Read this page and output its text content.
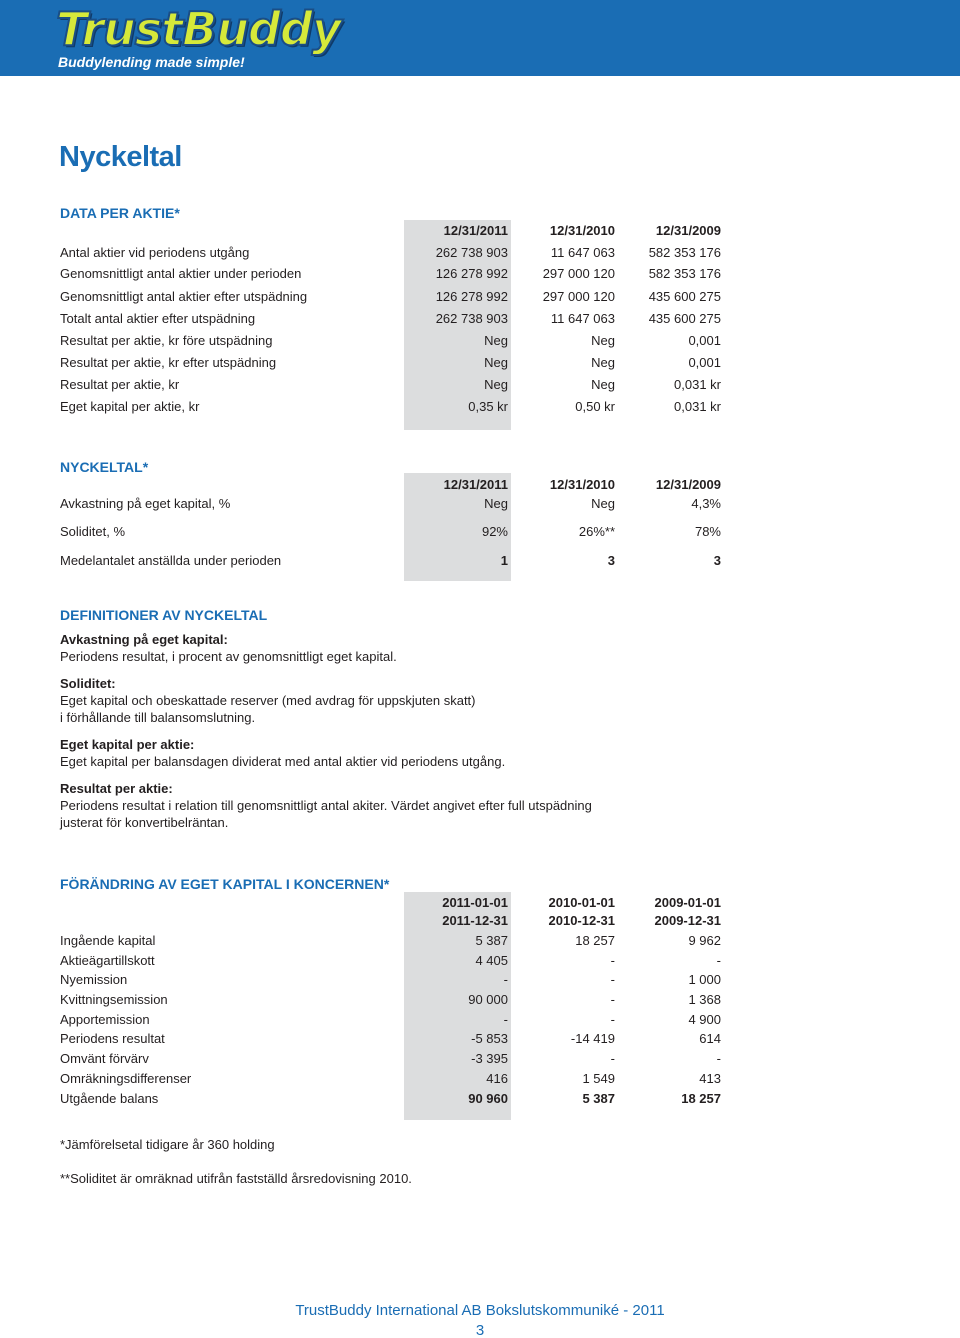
TrustBuddy
Buddylending made simple!
Nyckeltal
DATA PER AKTIE*
12/31/2011	12/31/2010	12/31/2009
Antal aktier vid periodens utgång	262 738 903	11 647 063	582 353 176
Genomsnittligt antal aktier under perioden	126 278 992	297 000 120	582 353 176
Genomsnittligt antal aktier efter utspädning	126 278 992	297 000 120	435 600 275
Totalt antal aktier efter utspädning	262 738 903	11 647 063	435 600 275
Resultat per aktie, kr före utspädning	Neg	Neg	0,001
Resultat per aktie, kr efter utspädning	Neg	Neg	0,001
Resultat per aktie, kr	Neg	Neg	0,031 kr
Eget kapital per aktie, kr	0,35 kr	0,50 kr	0,031 kr
NYCKELTAL*
12/31/2011	12/31/2010	12/31/2009
Avkastning på eget kapital, %	Neg	Neg	4,3%
Soliditet, %	92%	26%**	78%
Medelantalet anställda under perioden	1	3	3
DEFINITIONER AV NYCKELTAL

Avkastning på eget kapital:
Periodens resultat, i procent av genomsnittligt eget kapital.

Soliditet:
Eget kapital och obeskattade reserver (med avdrag för uppskjuten skatt)
i förhållande till balansomslutning.

Eget kapital per aktie:
Eget kapital per balansdagen dividerat med antal aktier vid periodens utgång.

Resultat per aktie:
Periodens resultat i relation till genomsnittligt antal akiter. Värdet angivet efter full utspädning
justerat för konvertibelräntan.

FÖRÄNDRING AV EGET KAPITAL I KONCERNEN*
2011-01-01	2010-01-01	2009-01-01
2011-12-31	2010-12-31	2009-12-31
Ingående kapital	5 387	18 257	9 962
Aktieägartillskott	4 405	-	-
Nyemission	-	-	1 000
Kvittningsemission	90 000	-	1 368
Apportemission	-	-	4 900
Periodens resultat	-5 853	-14 419	614
Omvänt förvärv	-3 395	-	-
Omräkningsdifferenser	416	1 549	413
Utgående balans	90 960	5 387	18 257
*Jämförelsetal tidigare år 360 holding
**Soliditet är omräknad utifrån fastställd årsredovisning 2010.
TrustBuddy International AB Bokslutskommuniké - 2011
3
